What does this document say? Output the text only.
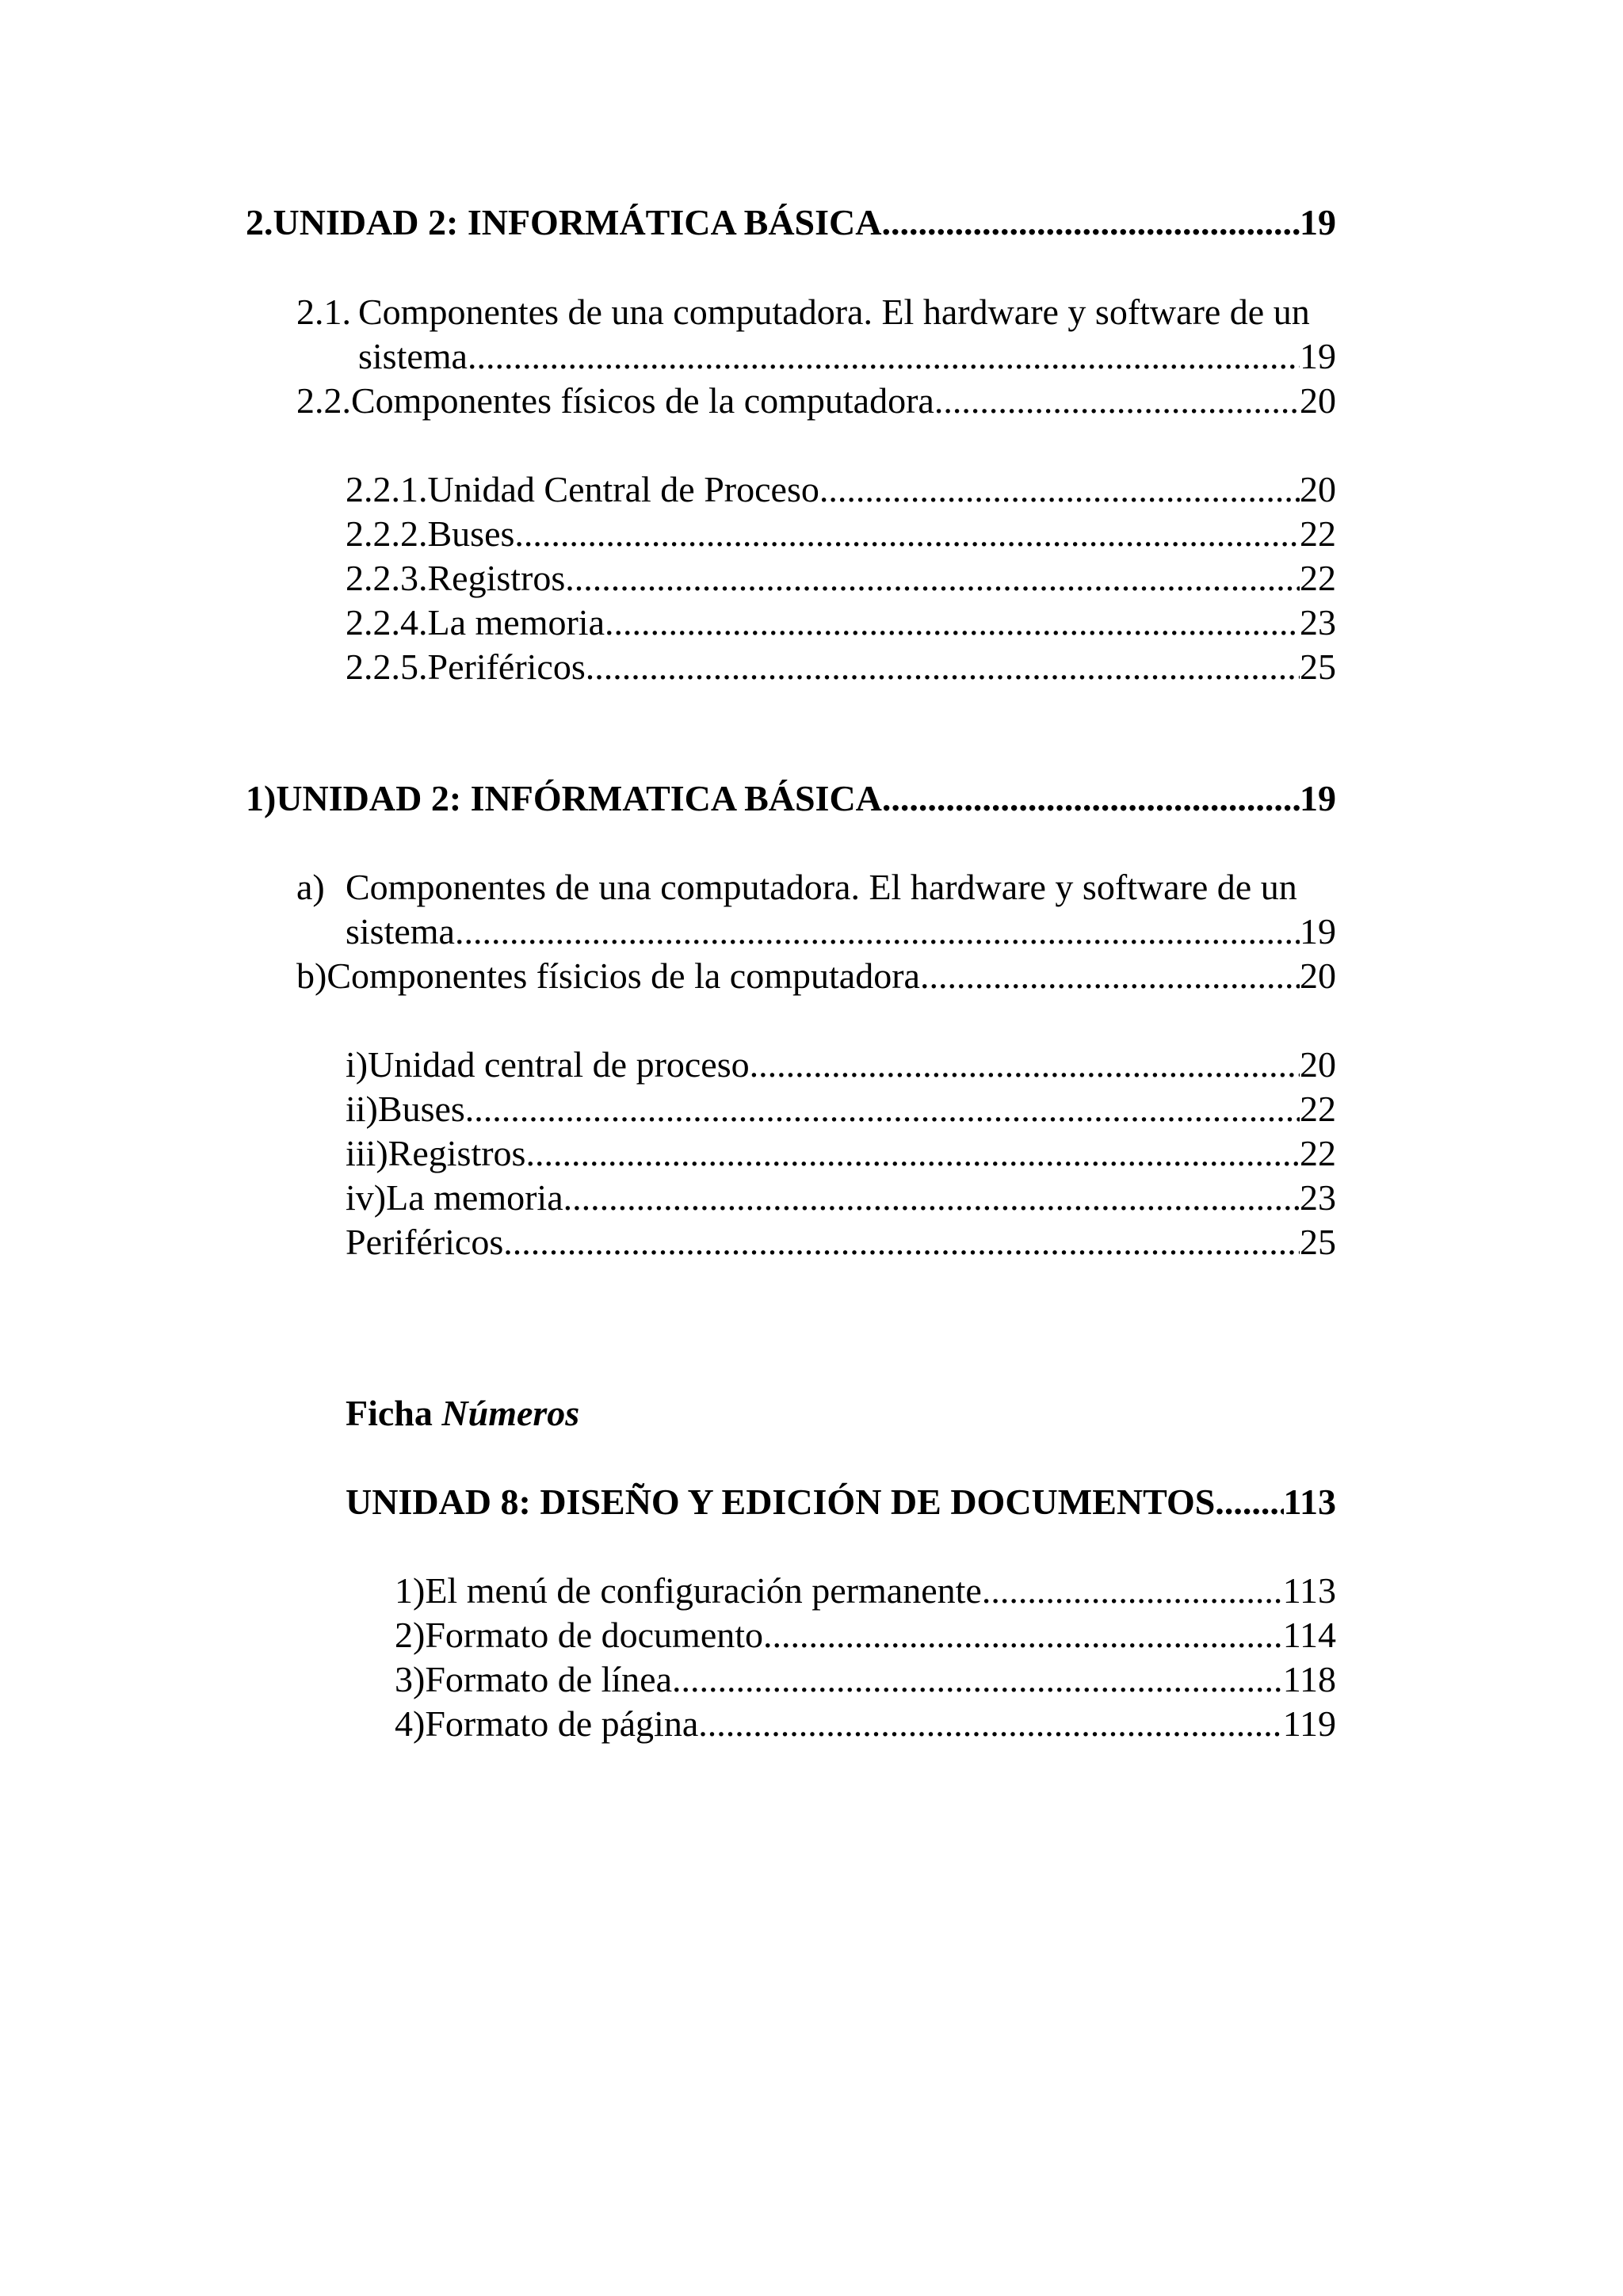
2. UNIDAD 2: INFORMÁTICA BÁSICA .....	19
2.1. Componentes de una computadora. El hardware y software de un
sistema .....	19
2.2. Componentes físicos de la computadora .....	20
2.2.1. Unidad Central de Proceso .....	20
2.2.2. Buses .....	22
2.2.3. Registros .....	22
2.2.4. La memoria .....	23
2.2.5. Periféricos .....	25
1) UNIDAD 2: INFÓRMATICA BÁSICA .....	19
a) Componentes de una computadora. El hardware y software de un
sistema .....	19
b) Componentes físicios de la computadora .....	20
i) Unidad central de proceso .....	20
ii) Buses .....	22
iii) Registros .....	22
iv) La memoria .....	23
Periféricos .....	25
Ficha Números
UNIDAD 8: DISEÑO Y EDICIÓN DE DOCUMENTOS. ..... 113
1) El menú de configuración permanente .....	113
2) Formato de documento .....	114
3) Formato de línea .....	118
4) Formato de página .....	119
